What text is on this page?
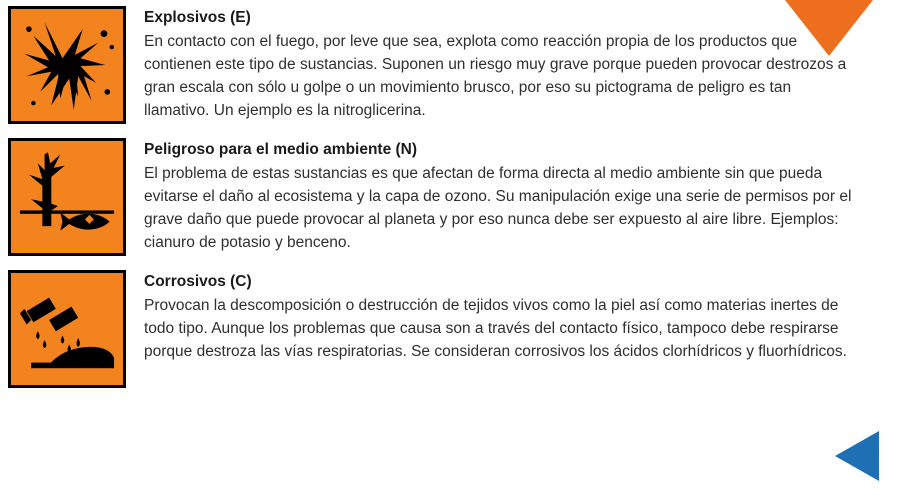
Explosivos (E)
En contacto con el fuego, por leve que sea, explota como reacción propia de los productos que contienen este tipo de sustancias. Suponen un riesgo muy grave porque pueden provocar destrozos a gran escala con sólo u golpe o un movimiento brusco, por eso su pictograma de peligro es tan llamativo. Un ejemplo es la nitroglicerina.
Peligroso para el medio ambiente (N)
El problema de estas sustancias es que afectan de forma directa al medio ambiente sin que pueda evitarse el daño al ecosistema y la capa de ozono. Su manipulación exige una serie de permisos por el grave daño que puede provocar al planeta y por eso nunca debe ser expuesto al aire libre. Ejemplos: cianuro de potasio y benceno.
Corrosivos (C)
Provocan la descomposición o destrucción de tejidos vivos como la piel así como materias inertes de todo tipo. Aunque los problemas que causa son a través del contacto físico, tampoco debe respirarse porque destroza las vías respiratorias. Se consideran corrosivos los ácidos clorhídricos y fluorhídricos.
